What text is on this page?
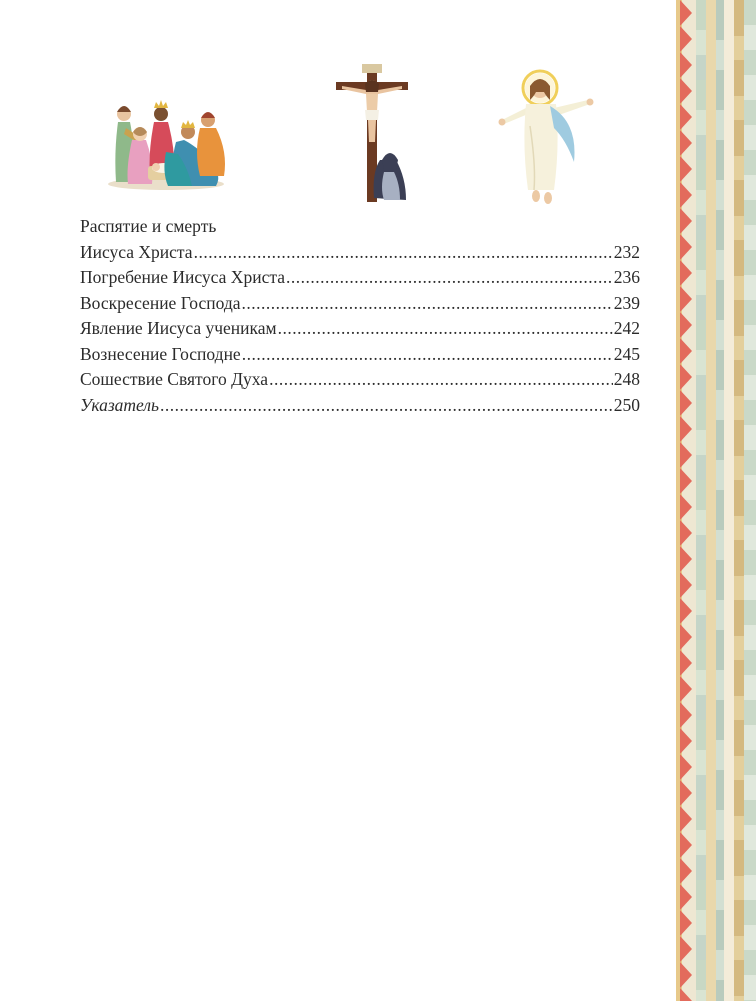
Распятие и смерть
Иисуса Христа .....	232
Погребение Иисуса Христа .....	236
Воскресение Господа .....	239
Явление Иисуса ученикам .....	242
Вознесение Господне .....	245
Сошествие Святого Духа .....	248
Указатель .....	250
